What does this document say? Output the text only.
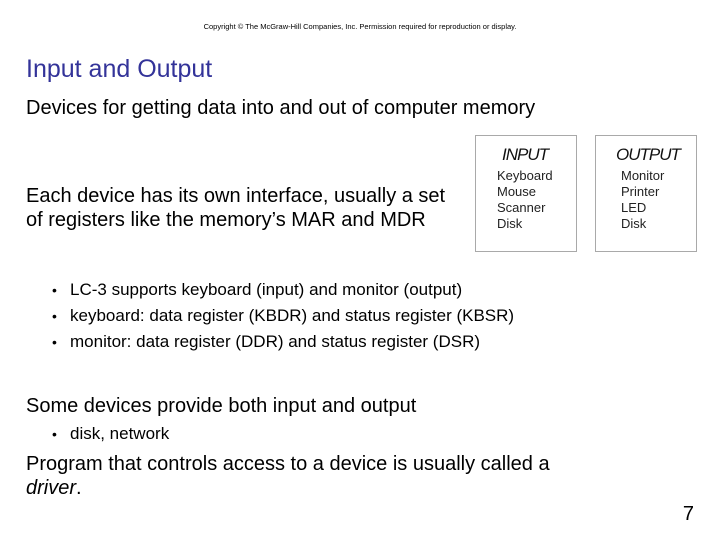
Copyright © The McGraw-Hill Companies, Inc. Permission required for reproduction or display.
Input and Output

Devices for getting data into and out of computer memory

Each device has its own interface, usually a set of registers like the memory’s MAR and MDR

INPUT
Keyboard
Mouse
Scanner
Disk
OUTPUT
Monitor
Printer
LED
Disk
• LC-3 supports keyboard (input) and monitor (output)
• keyboard: data register (KBDR) and status register (KBSR)
• monitor: data register (DDR) and status register (DSR)

Some devices provide both input and output

• disk, network

Program that controls access to a device is usually called a driver.

7
